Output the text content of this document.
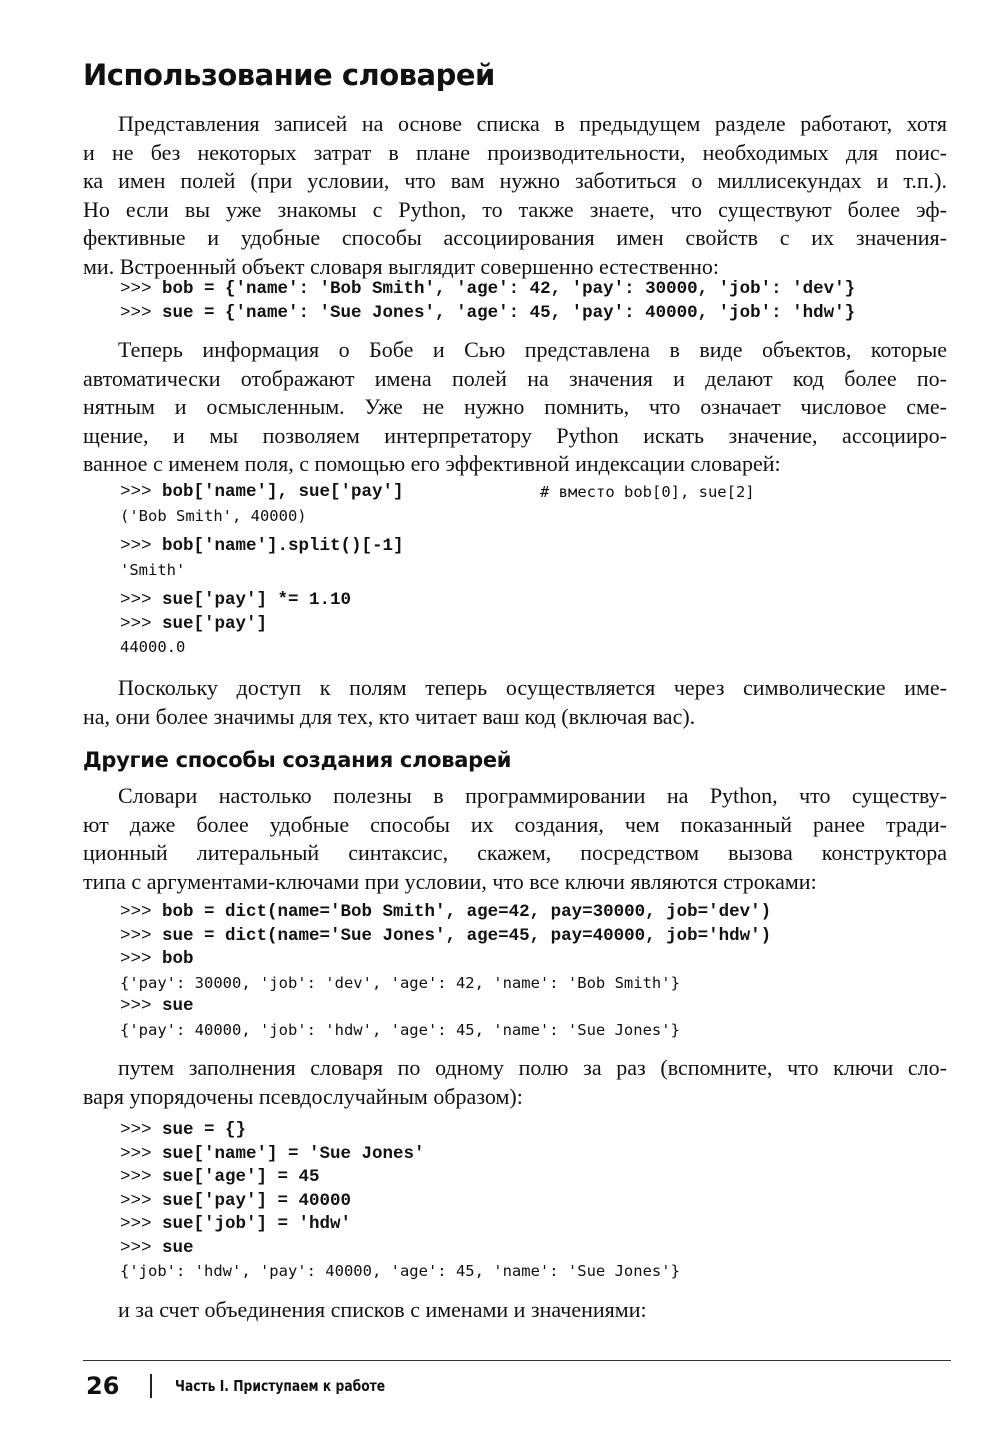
Использование словарей
Представления записей на основе списка в предыдущем разделе работают, хотя
и не без некоторых затрат в плане производительности, необходимых для поис-
ка имен полей (при условии, что вам нужно заботиться о миллисекундах и т.п.).
Но если вы уже знакомы с Python, то также знаете, что существуют более эф-
фективные и удобные способы ассоциирования имен свойств с их значения-
ми. Встроенный объект словаря выглядит совершенно естественно:
>>> bob = {'name': 'Bob Smith', 'age': 42, 'pay': 30000, 'job': 'dev'}
>>> sue = {'name': 'Sue Jones', 'age': 45, 'pay': 40000, 'job': 'hdw'}
Теперь информация о Бобе и Сью представлена в виде объектов, которые
автоматически отображают имена полей на значения и делают код более по-
нятным и осмысленным. Уже не нужно помнить, что означает числовое сме-
щение, и мы позволяем интерпретатору Python искать значение, ассоцииро-
ванное с именем поля, с помощью его эффективной индексации словарей:
>>> bob['name'], sue['pay']	# вместо bob[0], sue[2]
('Bob Smith', 40000)
>>> bob['name'].split()[-1]
'Smith'
>>> sue['pay'] *= 1.10
>>> sue['pay']
44000.0
Поскольку доступ к полям теперь осуществляется через символические име-
на, они более значимы для тех, кто читает ваш код (включая вас).
Другие способы создания словарей
Словари настолько полезны в программировании на Python, что существу-
ют даже более удобные способы их создания, чем показанный ранее тради-
ционный литеральный синтаксис, скажем, посредством вызова конструктора
типа с аргументами-ключами при условии, что все ключи являются строками:
>>> bob = dict(name='Bob Smith', age=42, pay=30000, job='dev')
>>> sue = dict(name='Sue Jones', age=45, pay=40000, job='hdw')
>>> bob
{'pay': 30000, 'job': 'dev', 'age': 42, 'name': 'Bob Smith'}
>>> sue
{'pay': 40000, 'job': 'hdw', 'age': 45, 'name': 'Sue Jones'}
путем заполнения словаря по одному полю за раз (вспомните, что ключи сло-
варя упорядочены псевдослучайным образом):
>>> sue = {}
>>> sue['name'] = 'Sue Jones'
>>> sue['age'] = 45
>>> sue['pay'] = 40000
>>> sue['job'] = 'hdw'
>>> sue
{'job': 'hdw', 'pay': 40000, 'age': 45, 'name': 'Sue Jones'}
и за счет объединения списков с именами и значениями:
26	Часть I. Приступаем к работе
